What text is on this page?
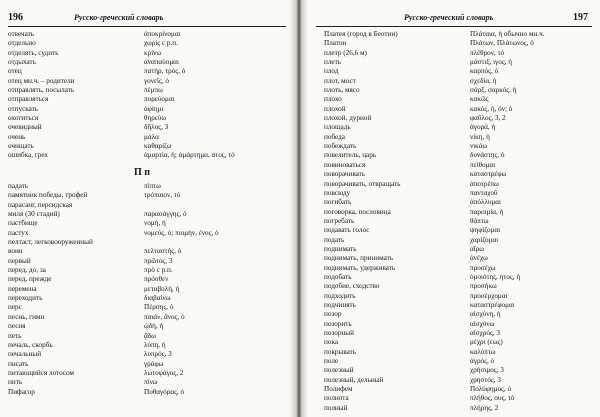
196	Русско-греческий словарь
отвечать	ἀποκρίνομαι
отдельно	χωρὶς с р.п.
отделять, судить	κρίνω
отдыхать	ἀναπαύομαι
отец	πατήρ, τρός, ὁ
отец мн.ч. – родители	γονεῖς, ὁ
отправлять, посылать	πέμπω
отправляться	πορεύομαι
отпускать	ἀφίημι
охотиться	θηρεύω
очевидный	δῆλος, 3
очень	μάλα
очищать	καθαρίζω
ошибка, грех	ἁμαρτία, ἡ; ἁμάρτημα, ατος, τό
П п
падать	πίπτω
памятник победы, трофей	τρόπαιον, τό
парасанг, персидская
миля (30 стадий)	παρασάγγης, ὁ
пастбище	νομή, ἡ
пастух	νομεύς, ὁ; ποιμήν, ένος, ὁ
пелтаст, легковооруженный
воин	πελταστής, ὁ
первый	πρῶτος, 3
перед, до, за	πρὸ с р.п.
перед, прежде	πρόσθεν
перемена	μεταβολή, ἡ
переходить	διαβαίνω
перс	Πέρσης, ὁ
песнь, гимн	παιάν, ᾶνος, ὁ
песня	ᾠδή, ἡ
петь	ᾄδω
печаль, скорбь	λύπη, ἡ
печальный	λυπρός, 3
писать	γράφω
питающийся лотосом	λωτοφάγος, 2
пить	πίνω
Пифагор	Πυθαγόρας, ὁ
Русско-греческий словарь	197
Платея (город в Беотии)	Πλάταια, ἡ обычно мн.ч.
Платон	Πλάτων, Πλάτωνος, ὁ
плетр (26,6 м)	πλέθρον, τό
плеть	μάστιξ, ιγος, ἡ
плод	καρπός, ὁ
плот, мост	σχεδία, ἡ
плоть, мясо	σάρξ, σαρκός, ἡ
плохо	κακῶς
плохой	κακός, ἡ, όν; ὁ
плохой, дурной	φαῦλος, 3, 2
площадь	ἀγορά, ἡ
победа	νίκη, ἡ
побеждать	νικάω
повелитель, царь	δυνάστης, ὁ
повиноваться	πείθομαι
поворачивать	καταστρέφω
поворачивать, отвращать	ἀποτρέπω
повсюду	πανταχοῦ
погибать	ἀπόλλυμαι
поговорка, пословица	παροιμία, ἡ
погребать	θάπτω
подавать голос	ψηφίζομαι
подать	χαρίζομαι
поднимать	αἴρω
поднимать, принимать	ἀνέχω
поднимать, удерживать	προσέχω
подобать	ὁμοιότης, ητος, ἡ
подобие, сходство	προσήκω
подходить	προσέρχομαι
подчинять	καταστρέφομαι
позор	αἰσχύνη, ἡ
позорить	αἰσχύνω
позорный	αἰσχρός, 3
пока	μέχρι (εως)
покрывать	καλύπτω
поле	ἀγρός, ὁ
полезный	χρήσιμος, 3
полезный, дельный	χρηστός, 3
Полифем	Πολύφημος, ὁ
полнота	πλήθος, ους, τό
полный	πλήρης, 2
